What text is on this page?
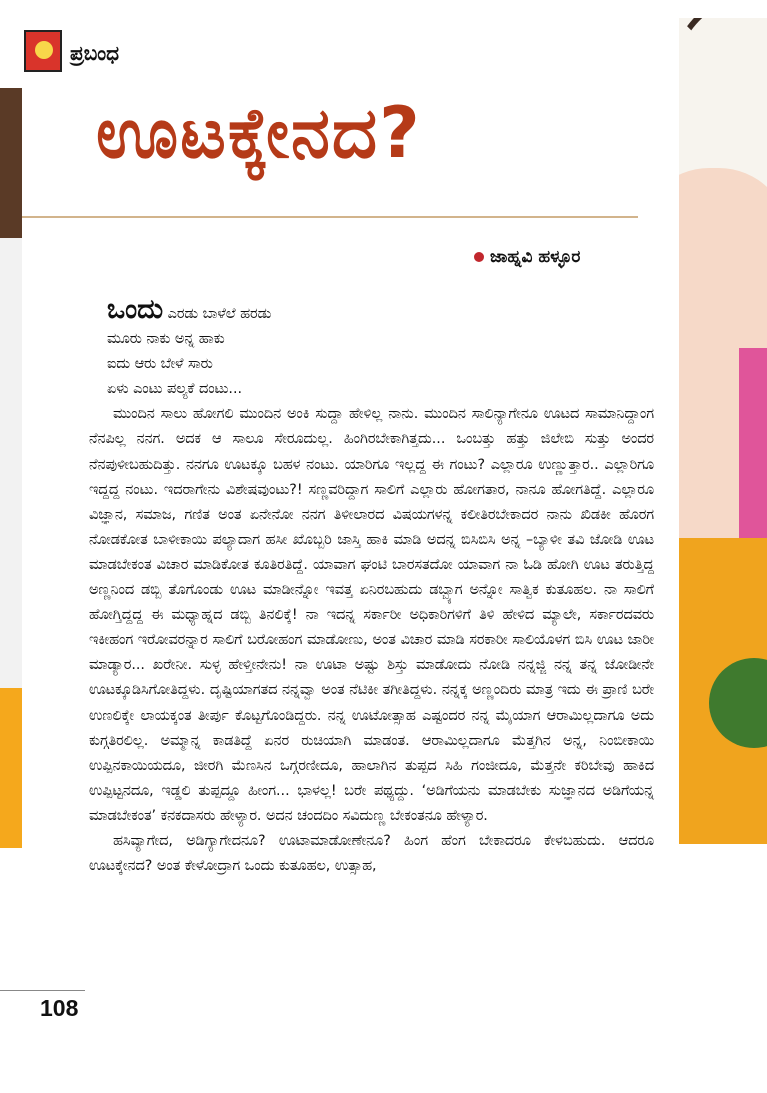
ಪ್ರಬಂಧ
ಊಟಕ್ಕೇನದ?
ಜಾಹ್ನವಿ ಹಳ್ಳೂರ
ಒಂದು ಎರಡು ಬಾಳೆಲೆ ಹರಡು
ಮೂರು ನಾಕು ಅನ್ನ ಹಾಕು
ಐದು ಆರು ಬೇಳೆ ಸಾರು
ಏಳು ಎಂಟು ಪಲ್ಯಕೆ ದಂಟು...

ಮುಂದಿನ ಸಾಲು ಹೋಗಲಿ ಮುಂದಿನ ಅಂಕಿ ಸುದ್ದಾ ಹೇಳಿಲ್ಲ ನಾನು. ಮುಂದಿನ ಸಾಲಿನ್ಯಾಗೇನೂ ಊಟದ ಸಾಮಾನಿದ್ದಾಂಗ ನೆನಪಿಲ್ಲ ನನಗ. ಅದಕ ಆ ಸಾಲೂ ಸೇರೂದುಲ್ಲ. ಹಿಂಗಿರಬೇಕಾಗಿತ್ತದು... ಒಂಬತ್ತು ಹತ್ತು ಜಿಲೇಬಿ ಸುತ್ತು ಅಂದರ ನೆನಪುಳೀಬಹುದಿತ್ತು. ನನಗೂ ಊಟಕ್ಕೂ ಬಹಳ ನಂಟು. ಯಾರಿಗೂ ಇಲ್ಲದ್ದ ಈ ಗಂಟು? ಎಲ್ಲಾರೂ ಉಣ್ಣುತ್ತಾರ.. ಎಲ್ಲಾರಿಗೂ ಇದ್ದದ್ದ ನಂಟು. ಇದರಾಗೇನು ವಿಶೇಷವುಂಟು?! ಸಣ್ಣವರಿದ್ದಾಗ ಸಾಲಿಗೆ ಎಲ್ಲಾರು ಹೋಗತಾರ, ನಾನೂ ಹೋಗತಿದ್ದೆ. ಎಲ್ಲಾರೂ ವಿಜ್ಞಾನ, ಸಮಾಜ, ಗಣಿತ ಅಂತ ಏನೇನೋ ನನಗ ತಿಳೀಲಾರದ ವಿಷಯಗಳನ್ನ ಕಲೀತಿರಬೇಕಾದರ ನಾನು ಖಿಡಕೀ ಹೊರಗ ನೋಡಕೋತ ಬಾಳೀಕಾಯಿ ಪಲ್ಯಾದಾಗ ಹಸೀ ಖೊಬ್ಬರಿ ಜಾಸ್ತಿ ಹಾಕಿ ಮಾಡಿ ಅದನ್ನ ಬಿಸಿಬಿಸಿ ಅನ್ನ –ಬ್ಯಾಳೀ ತವಿ ಜೋಡಿ ಊಟ ಮಾಡಬೇಕಂತ ವಿಚಾರ ಮಾಡಿಕೋತ ಕೂತಿರತಿದ್ದೆ. ಯಾವಾಗ ಘಂಟಿ ಬಾರಸತದೋ ಯಾವಾಗ ನಾ ಓಡಿ ಹೋಗಿ ಊಟ ತರುತ್ತಿದ್ದ ಅಣ್ಣನಿಂದ ಡಬ್ಬಿ ತೊಗೊಂಡು ಊಟ ಮಾಡೀನ್ನೋ ಇವತ್ತ ಏನಿರಬಹುದು ಡಬ್ಬ್ಯಾಗ ಅನ್ನೋ ಸಾತ್ವಿಕ ಕುತೂಹಲ. ನಾ ಸಾಲಿಗೆ ಹೋಗ್ತಿದ್ದದ್ದ ಈ ಮಧ್ಯಾಹ್ನದ ಡಬ್ಬಿ ತಿನಲಿಕ್ಕೆ! ನಾ ಇದನ್ನ ಸರ್ಕಾರೀ ಅಧಿಕಾರಿಗಳಿಗೆ ತಿಳಿ ಹೇಳಿದ ಮ್ಯಾಲೇ, ಸರ್ಕಾರದವರು ಇಕೀಹಂಗ ಇರೋವರನ್ನಾರ ಸಾಲಿಗೆ ಬರೋಹಂಗ ಮಾಡೋಣು, ಅಂತ ವಿಚಾರ ಮಾಡಿ ಸರಕಾರೀ ಸಾಲಿಯೊಳಗ ಬಿಸಿ ಊಟ ಜಾರೀ ಮಾಡ್ಯಾರ... ಖರೇನೀ. ಸುಳ್ಳ ಹೇಳ್ತೀನೇನು! ನಾ ಊಟಾ ಅಷ್ಟು ಶಿಸ್ತು ಮಾಡೋದು ನೋಡಿ ನನ್ನಜ್ಜಿ ನನ್ನ ತನ್ನ ಜೋಡೀನೇ ಊಟಕ್ಕೂಡಿಸಿಗೋತಿದ್ದಳು. ದೃಷ್ಟಿಯಾಗತದ ನನ್ನವ್ವಾ ಅಂತ ನೆಟಿಕೀ ತಗೀತಿದ್ದಳು. ನನ್ನಕ್ಕ ಅಣ್ಣಂದಿರು ಮಾತ್ರ ಇದು ಈ ಪ್ರಾಣಿ ಬರೇ ಉಣಲಿಕ್ಕೇ ಲಾಯಕ್ಕಂತ ತೀರ್ಪು ಕೊಟ್ಟಗೊಂಡಿದ್ದರು. ನನ್ನ ಊಟೋತ್ಸಾಹ ಎಷ್ಟಂದರ ನನ್ನ ಮೈಯಾಗ ಆರಾಮಿಲ್ಲದಾಗೂ ಅದು ಕುಗ್ಗತಿರಲಿಲ್ಲ. ಅಮ್ಮಾನ್ನ ಕಾಡತಿದ್ದೆ ಏನರ ರುಚಿಯಾಗಿ ಮಾಡಂತ. ಆರಾಮಿಲ್ಲದಾಗೂ ಮೆತ್ತಗಿನ ಅನ್ನ, ನಿಂಬೀಕಾಯಿ ಉಪ್ಪಿನಕಾಯಿಯದೂ, ಜೀರಗಿ ಮೆಣಸಿನ ಒಗ್ಗರಣೀದೂ, ಹಾಲಾಗಿನ ತುಪ್ಪದ ಸಿಹಿ ಗಂಜೀದೂ, ಮೆತ್ತನೇ ಕರಿಬೇವು ಹಾಕಿದ ಉಪ್ಪಿಟ್ಟನದೂ, ಇಡ್ಡಲಿ ತುಪ್ಪದ್ದೂ ಹೀಂಗ... ಭಾಳಲ್ಲ! ಬರೇ ಪಥ್ಯದ್ದು. ‘ಅಡಿಗೆಯನು ಮಾಡಬೇಕು ಸುಜ್ಞಾನದ ಅಡಿಗೆಯನ್ನ ಮಾಡಬೇಕಂತ’ ಕನಕದಾಸರು ಹೇಳ್ಯಾರ. ಅದನ ಚಂದದಿಂ ಸವಿದುಣ್ಣ ಬೇಕಂತನೂ ಹೇಳ್ಯಾರ.

ಹಸಿವ್ಯಾಗೇದ, ಅಡಿಗ್ಯಾಗೇದನೂ? ಊಟಾಮಾಡೋಣೇನೂ? ಹಿಂಗ ಹೆಂಗ ಬೇಕಾದರೂ ಕೇಳಬಹುದು. ಆದರೂ ಊಟಕ್ಕೇನದ? ಅಂತ ಕೇಳೋದ್ರಾಗ ಒಂದು ಕುತೂಹಲ, ಉತ್ಸಾಹ,

108
